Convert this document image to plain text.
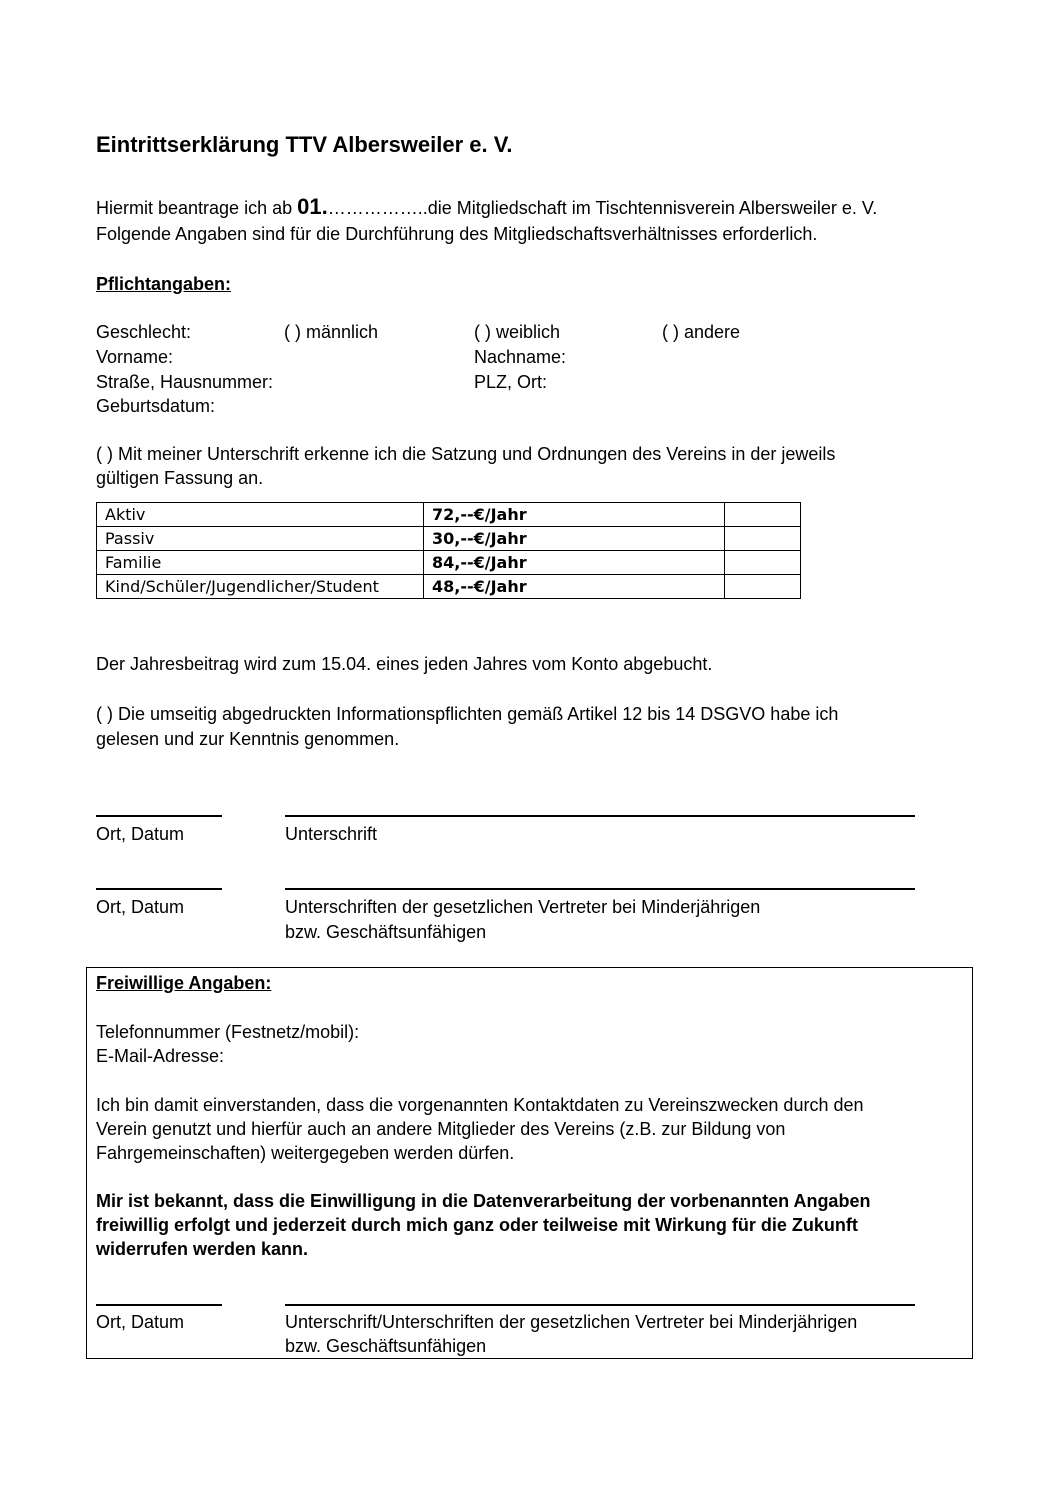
Eintrittserklärung TTV Albersweiler e. V.
Hiermit beantrage ich ab 01.……………..die Mitgliedschaft im Tischtennisverein Albersweiler e. V.
Folgende Angaben sind für die Durchführung des Mitgliedschaftsverhältnisses erforderlich.
Pflichtangaben:
Geschlecht:	( ) männlich	( ) weiblich	( ) andere
Vorname:	Nachname:
Straße, Hausnummer:	PLZ, Ort:
Geburtsdatum:
( ) Mit meiner Unterschrift erkenne ich die Satzung und Ordnungen des Vereins in der jeweils
gültigen Fassung an.
Aktiv	72,--€/Jahr	
Passiv	30,--€/Jahr	
Familie	84,--€/Jahr	
Kind/Schüler/Jugendlicher/Student	48,--€/Jahr	
Der Jahresbeitrag wird zum 15.04. eines jeden Jahres vom Konto abgebucht.
( ) Die umseitig abgedruckten Informationspflichten gemäß Artikel 12 bis 14 DSGVO habe ich
gelesen und zur Kenntnis genommen.
Ort, Datum	Unterschrift
Ort, Datum	Unterschriften der gesetzlichen Vertreter bei Minderjährigen
bzw. Geschäftsunfähigen
Freiwillige Angaben:
Telefonnummer (Festnetz/mobil):
E-Mail-Adresse:
Ich bin damit einverstanden, dass die vorgenannten Kontaktdaten zu Vereinszwecken durch den
Verein genutzt und hierfür auch an andere Mitglieder des Vereins (z.B. zur Bildung von
Fahrgemeinschaften) weitergegeben werden dürfen.
Mir ist bekannt, dass die Einwilligung in die Datenverarbeitung der vorbenannten Angaben
freiwillig erfolgt und jederzeit durch mich ganz oder teilweise mit Wirkung für die Zukunft
widerrufen werden kann.
Ort, Datum	Unterschrift/Unterschriften der gesetzlichen Vertreter bei Minderjährigen
bzw. Geschäftsunfähigen
